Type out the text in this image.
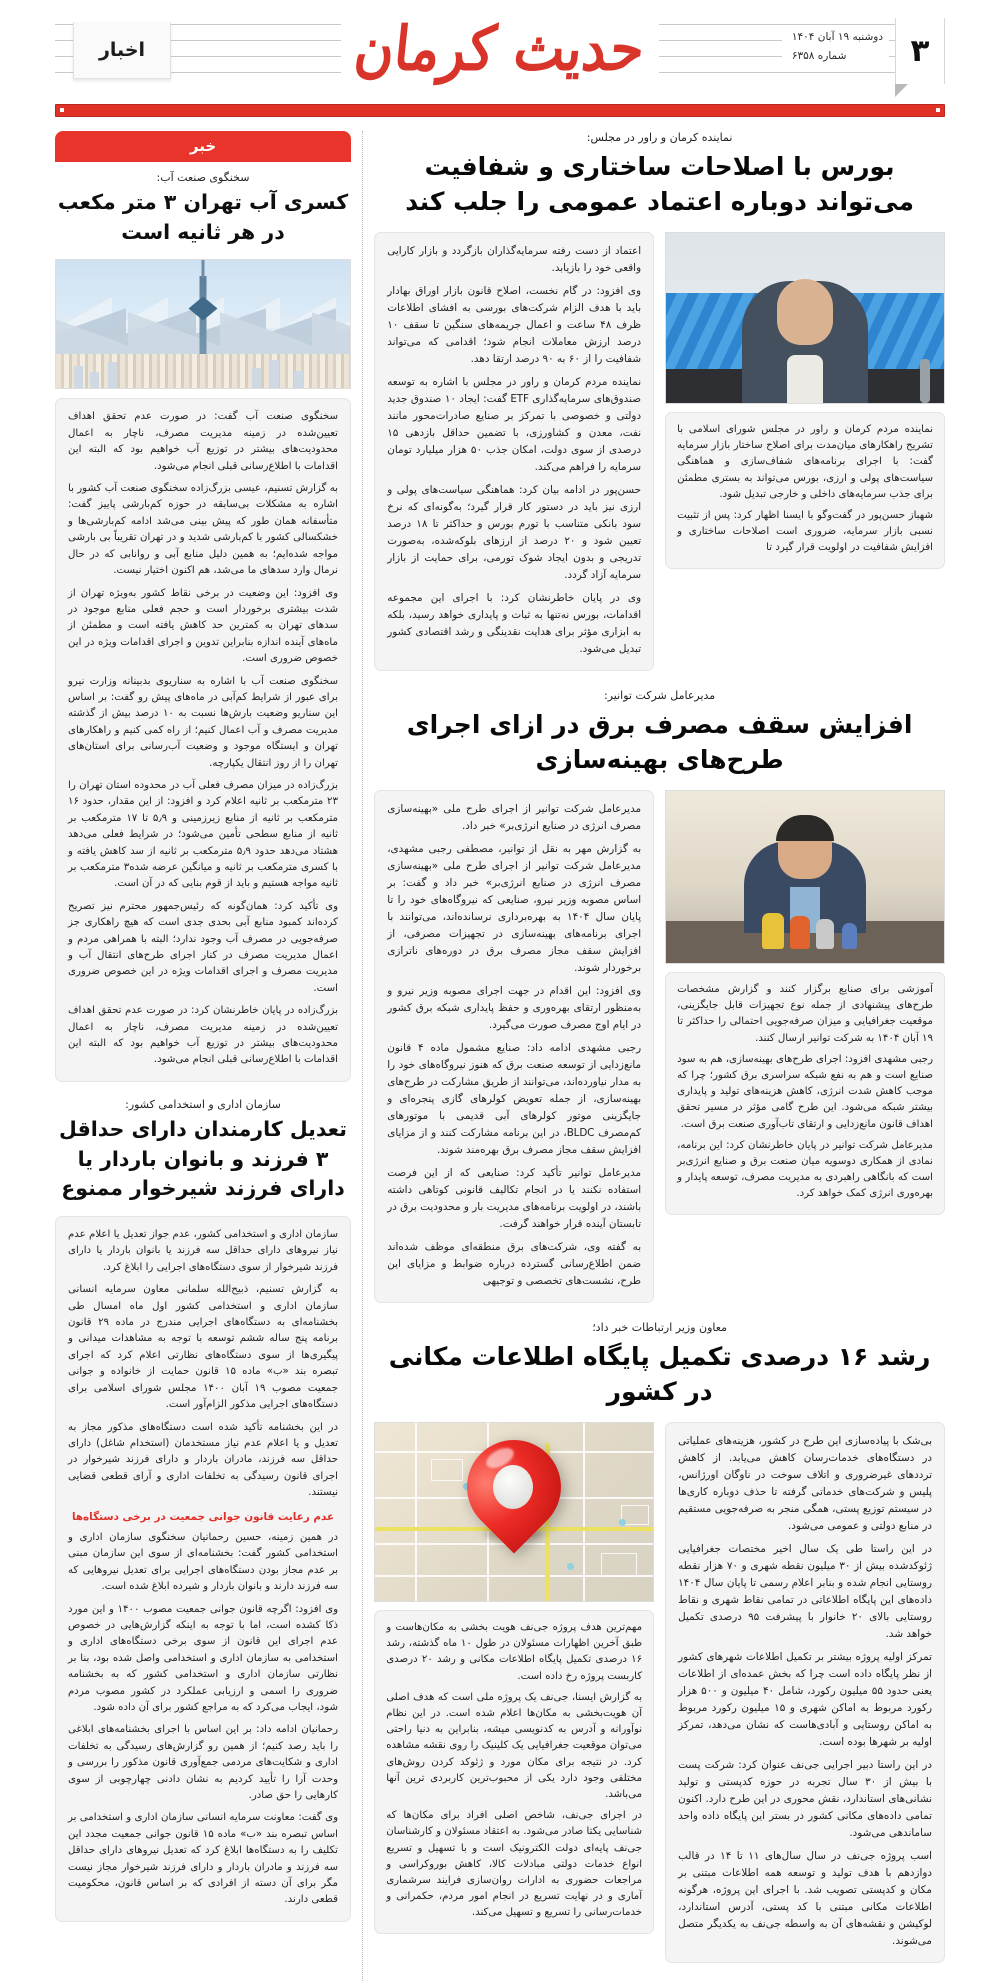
۳
دوشنبه ۱۹ آبان ۱۴۰۴
شماره ۶۳۵۸
حدیث کرمان
اخبار
نماینده کرمان و راور در مجلس:
بورس با اصلاحات ساختاری و شفافیت می‌تواند دوباره اعتماد عمومی را جلب کند

نماینده مردم کرمان و راور در مجلس شورای اسلامی با تشریح راهکارهای میان‌مدت برای اصلاح ساختار بازار سرمایه گفت: با اجرای برنامه‌های شفاف‌سازی و هماهنگی سیاست‌های پولی و ارزی، بورس می‌تواند به بستری مطمئن برای جذب سرمایه‌های داخلی و خارجی تبدیل شود.

شهباز حسن‌پور در گفت‌وگو با ایسنا اظهار کرد: پس از تثبیت نسبی بازار سرمایه، ضروری است اصلاحات ساختاری و افزایش شفافیت در اولویت قرار گیرد تا

اعتماد از دست رفته سرمایه‌گذاران بازگردد و بازار کارایی واقعی خود را بازیابد.

وی افزود: در گام نخست، اصلاح قانون بازار اوراق بهادار باید با هدف الزام شرکت‌های بورسی به افشای اطلاعات ظرف ۴۸ ساعت و اعمال جریمه‌های سنگین تا سقف ۱۰ درصد ارزش معاملات انجام شود؛ اقدامی که می‌تواند شفافیت را از ۶۰ به ۹۰ درصد ارتقا دهد.

نماینده مردم کرمان و راور در مجلس با اشاره به توسعه صندوق‌های سرمایه‌گذاری ETF گفت: ایجاد ۱۰ صندوق جدید دولتی و خصوصی با تمرکز بر صنایع صادرات‌محور مانند نفت، معدن و کشاورزی، با تضمین حداقل بازدهی ۱۵ درصدی از سوی دولت، امکان جذب ۵۰ هزار میلیارد تومان سرمایه را فراهم می‌کند.

حسن‌پور در ادامه بیان کرد: هماهنگی سیاست‌های پولی و ارزی نیز باید در دستور کار قرار گیرد؛ به‌گونه‌ای که نرخ سود بانکی متناسب با تورم بورس و حداکثر تا ۱۸ درصد تعیین شود و ۲۰ درصد از ارزهای بلوکه‌شده، به‌صورت تدریجی و بدون ایجاد شوک تورمی، برای حمایت از بازار سرمایه آزاد گردد.

وی در پایان خاطرنشان کرد: با اجرای این مجموعه اقدامات، بورس نه‌تنها به ثبات و پایداری خواهد رسید، بلکه به ابزاری مؤثر برای هدایت نقدینگی و رشد اقتصادی کشور تبدیل می‌شود.

مدیرعامل شرکت توانیر:
افزایش سقف مصرف برق در ازای اجرای طرح‌های بهینه‌سازی

آموزشی برای صنایع برگزار کنند و گزارش مشخصات طرح‌های پیشنهادی از جمله نوع تجهیزات قابل جایگزینی، موقعیت جغرافیایی و میزان صرفه‌جویی احتمالی را حداکثر تا ۱۹ آبان ۱۴۰۴ به شرکت توانیر ارسال کنند.

رجبی مشهدی افزود: اجرای طرح‌های بهینه‌سازی، هم به سود صنایع است و هم به نفع شبکه سراسری برق کشور؛ چرا که موجب کاهش شدت انرژی، کاهش هزینه‌های تولید و پایداری بیشتر شبکه می‌شود. این طرح گامی مؤثر در مسیر تحقق اهداف قانون مانع‌زدایی و ارتقای تاب‌آوری صنعت برق است.

مدیرعامل شرکت توانیر در پایان خاطرنشان کرد: این برنامه، نمادی از همکاری دوسویه میان صنعت برق و صنایع انرژی‌بر است که بانگاهی راهبردی به مدیریت مصرف، توسعه پایدار و بهره‌وری انرژی کمک خواهد کرد.

مدیرعامل شرکت توانیر از اجرای طرح ملی «بهینه‌سازی مصرف انرژی در صنایع انرژی‌بر» خبر داد.

به گزارش مهر به نقل از توانیر، مصطفی رجبی مشهدی، مدیرعامل شرکت توانیر از اجرای طرح ملی «بهینه‌سازی مصرف انرژی در صنایع انرژی‌بر» خبر داد و گفت: بر اساس مصوبه وزیر نیرو، صنایعی که نیروگاه‌های خود را تا پایان سال ۱۴۰۴ به بهره‌برداری نرسانده‌اند، می‌توانند با اجرای برنامه‌های بهینه‌سازی در تجهیزات مصرفی، از افزایش سقف مجاز مصرف برق در دوره‌های ناترازی برخوردار شوند.

وی افزود: این اقدام در جهت اجرای مصوبه وزیر نیرو و به‌منظور ارتقای بهره‌وری و حفظ پایداری شبکه برق کشور در ایام اوج مصرف صورت می‌گیرد.

رجبی مشهدی ادامه داد: صنایع مشمول ماده ۴ قانون مانع‌زدایی از توسعه صنعت برق که هنوز نیروگاه‌های خود را به مدار نیاورده‌اند، می‌توانند از طریق مشارکت در طرح‌های بهینه‌سازی، از جمله تعویض کولرهای گازی پنجره‌ای و جایگزینی موتور کولرهای آبی قدیمی با موتورهای کم‌مصرف BLDC، در این برنامه مشارکت کنند و از مزایای افزایش سقف مجاز مصرف برق بهره‌مند شوند.

مدیرعامل توانیر تأکید کرد: صنایعی که از این فرصت استفاده نکنند یا در انجام تکالیف قانونی کوتاهی داشته باشند، در اولویت برنامه‌های مدیریت بار و محدودیت برق در تابستان آینده قرار خواهند گرفت.

به گفته وی، شرکت‌های برق منطقه‌ای موظف شده‌اند ضمن اطلاع‌رسانی گسترده درباره ضوابط و مزایای این طرح، نشست‌های تخصصی و توجیهی

معاون وزیر ارتباطات خبر داد؛
رشد ۱۶ درصدی تکمیل پایگاه اطلاعات مکانی در کشور

بی‌شک با پیاده‌سازی این طرح در کشور، هزینه‌های عملیاتی در دستگاه‌های خدمات‌رسان کاهش می‌یابد. از کاهش ترددهای غیرضروری و اتلاف سوخت در ناوگان اورژانس، پلیس و شرکت‌های خدماتی گرفته تا حذف دوباره کاری‌ها در سیستم توزیع پستی، همگی منجر به صرفه‌جویی مستقیم در منابع دولتی و عمومی می‌شود.

در این راستا طی یک سال اخیر مختصات جغرافیایی ژئوکدشده بیش از ۳۰ میلیون نقطه شهری و ۷۰ هزار نقطه روستایی انجام شده و بنابر اعلام رسمی تا پایان سال ۱۴۰۴ داده‌های این پایگاه اطلاعاتی در تمامی نقاط شهری و نقاط روستایی بالای ۲۰ خانوار با پیشرفت ۹۵ درصدی تکمیل خواهد شد.

تمرکز اولیه پروژه بیشتر بر تکمیل اطلاعات شهرهای کشور از نظر پایگاه داده است چرا که بخش عمده‌ای از اطلاعات یعنی حدود ۵۵ میلیون رکورد، شامل ۴۰ میلیون و ۵۰۰ هزار رکورد مربوط به اماکن شهری و ۱۵ میلیون رکورد مربوط به اماکن روستایی و آبادی‌هاست که نشان می‌دهد، تمرکز اولیه بر شهرها بوده است.

در این راستا دبیر اجرایی جی‌نف عنوان کرد: شرکت پست با بیش از ۳۰ سال تجربه در حوزه کدپستی و تولید نشانی‌های استاندارد، نقش محوری در این طرح دارد. اکنون تمامی داده‌های مکانی کشور در بستر این پایگاه داده واحد ساماندهی می‌شود.

اسب پروژه جی‌نف در سال‌ سال‌های ۱۱ تا ۱۴ در قالب دوازدهم با هدف تولید و توسعه همه اطلاعات مبتنی بر مکان و کدپستی تصویب شد. با اجرای این پروژه، هرگونه اطلاعات مکانی مبتنی با کد پستی، آدرس استاندارد، لوکیشن و نقشه‌های آن به واسطه جی‌نف به یکدیگر متصل می‌شوند.

مهم‌ترین هدف پروژه جی‌نف هویت بخشی به مکان‌هاست و طبق آخرین اظهارات مسئولان در طول ۱۰ ماه گذشته، رشد ۱۶ درصدی تکمیل پایگاه اطلاعات مکانی و رشد ۲۰ درصدی کاربست پروژه رخ داده است.

به گزارش ایسنا، جی‌نف یک پروژه ملی است که هدف اصلی آن هویت‌بخشی به مکان‌ها اعلام شده است. در این نظام نوآورانه و آدرس به کدنویسی میشه، بنابراین به دنیا راحتی می‌توان موقعیت جغرافیایی یک کلینیک را روی نقشه مشاهده کرد. در نتیجه برای مکان مورد و ژئوکد کردن روش‌های مختلفی وجود دارد یکی از محبوب‌ترین کاربردی ترین آنها می‌باشد.

در اجرای جی‌نف، شاخص اصلی افراد برای مکان‌ها که شناسایی یکتا صادر می‌شود. به اعتقاد مسئولان و کارشناسان جی‌نف پایه‌ای دولت الکترونیک است و با تسهیل و تسریع انواع خدمات دولتی مبادلات کالا، کاهش بوروکراسی و مراجعات حضوری به ادارات روان‌سازی فرایند سرشماری آماری و در نهایت تسریع در انجام امور مردم، حکمرانی و خدمات‌رسانی را تسریع و تسهیل می‌کند.

خبر
سخنگوی صنعت آب:
کسری آب تهران ۳ متر مکعب در هر ثانیه است

سخنگوی صنعت آب گفت: در صورت عدم تحقق اهداف تعیین‌شده در زمینه مدیریت مصرف، ناچار به اعمال محدودیت‌های بیشتر در توزیع آب خواهیم بود که البته این اقدامات با اطلاع‌رسانی قبلی انجام می‌شود.

به گزارش تسنیم، عیسی بزرگ‌زاده سخنگوی صنعت آب کشور با اشاره به مشکلات بی‌سابقه در حوزه کم‌بارشی پاییز گفت: متأسفانه همان طور که پیش بینی می‌شد ادامه کم‌بارشی‌ها و خشکسالی کشور با کم‌بارشی شدید و در تهران تقریباً بی بارشی مواجه شده‌ایم؛ به همین دلیل منابع آبی و روانابی که در حال نرمال وارد سدهای ما می‌شد، هم اکنون اختیار نیست.

وی افزود: این وضعیت در برخی نقاط کشور به‌ویژه تهران از شدت بیشتری برخوردار است و حجم فعلی منابع موجود در سدهای تهران به کمترین حد کاهش یافته است و مطمئن از ماه‌های آینده اندازه بنابراین تدوین و اجرای اقدامات ویژه در این خصوص ضروری است.

سخنگوی صنعت آب با اشاره به سناریوی بدبینانه وزارت نیرو برای عبور از شرایط کم‌آبی در ماه‌های پیش رو گفت: بر اساس این سناریو وضعیت بارش‌ها نسبت به ۱۰ درصد بیش از گذشته مدیریت مصرف و آب اعمال کنیم؛ از راه کمی کنیم و راهکارهای تهران و ایستگاه موجود و وضعیت آب‌رسانی برای استان‌های تهران را از روز انتقال یکپارچه.

بزرگ‌زاده در میزان مصرف فعلی آب در محدوده استان تهران را ۲۳ مترمکعب بر ثانیه اعلام کرد و افزود: از این مقدار، حدود ۱۶ مترمکعب بر ثانیه از منابع زیرزمینی و ۵٫۹ تا ۱۷ مترمکعب بر ثانیه از منابع سطحی تأمین می‌شود؛ در شرایط فعلی می‌دهد هشتاد می‌دهد حدود ۵٫۹ مترمکعب بر ثانیه از سد کاهش یافته و با کسری مترمکعب بر ثانیه و میانگین عرضه شده۳ مترمکعب بر ثانیه مواجه هستیم و باید از قوم بنایی که در آن است.

وی تأکید کرد: همان‌گونه که رئیس‌جمهور محترم نیز تصریح کرده‌اند کمبود منابع آبی بحدی جدی است که هیچ راهکاری جز صرفه‌جویی در مصرف آب وجود ندارد؛ البته با همراهی مردم و اعمال مدیریت مصرف در کنار اجرای طرح‌های انتقال آب و مدیریت مصرف و اجرای اقدامات ویژه در این خصوص ضروری است.

بزرگ‌زاده در پایان خاطرنشان کرد: در صورت عدم تحقق اهداف تعیین‌شده در زمینه مدیریت مصرف، ناچار به اعمال محدودیت‌های بیشتر در توزیع آب خواهیم بود که البته این اقدامات با اطلاع‌رسانی قبلی انجام می‌شود.

سازمان اداری و استخدامی کشور:
تعدیل کارمندان دارای حداقل ۳ فرزند و بانوان باردار یا دارای فرزند شیرخوار ممنوع

سازمان اداری و استخدامی کشور، عدم جواز تعدیل یا اعلام عدم نیاز نیروهای دارای حداقل سه فرزند یا بانوان باردار یا دارای فرزند شیرخوار از سوی دستگاه‌های اجرایی را ابلاغ کرد.

به گزارش تسنیم، ذبیح‌الله سلمانی معاون سرمایه انسانی سازمان اداری و استخدامی کشور اول ماه امسال طی بخشنامه‌ای به دستگاه‌های اجرایی مندرج در ماده ۲۹ قانون برنامه پنج ساله ششم توسعه با توجه به مشاهدات میدانی و پیگیری‌ها از سوی دستگاه‌های نظارتی اعلام کرد که اجرای تبصره بند «ب» ماده ۱۵ قانون حمایت از خانواده و جوانی جمعیت مصوب ۱۹ آبان ۱۴۰۰ مجلس شورای اسلامی برای دستگاه‌های اجرایی مذکور الزام‌آور است.

در این بخشنامه تأکید شده است دستگاه‌های مذکور مجاز به تعدیل و یا اعلام عدم نیاز مستخدمان (استخدام شاغل) دارای حداقل سه فرزند، مادران باردار و دارای فرزند شیرخوار در اجرای قانون رسیدگی به تخلفات اداری و آرای قطعی قضایی نیستند.

عدم رعایت قانون جوانی جمعیت در برخی دستگاه‌ها

در همین زمینه، حسین رحمانیان سخنگوی سازمان اداری و استخدامی کشور گفت: بخشنامه‌ای از سوی این سازمان مبنی بر عدم مجاز بودن دستگاه‌های اجرایی برای تعدیل نیروهایی که سه فرزند دارند و بانوان باردار و شیرده ابلاغ شده است.

وی افزود: اگرچه قانون جوانی جمعیت مصوب ۱۴۰۰ و این مورد ذکا کشده است، اما با توجه به اینکه گزارش‌هایی در خصوص عدم اجرای این قانون از سوی برخی دستگاه‌های اداری و استخدامی به سازمان اداری و استخدامی واصل شده بود، بنا بر نظارتی سازمان اداری و استخدامی کشور که به بخشنامه ضروری را اسمی و ارزیابی عملکرد در کشور مصوب مردم شود، ایجاب می‌کرد که به مراجع کشور برای آن داده شود.

رحمانیان ادامه داد: بر این اساس با اجرای بخشنامه‌های ابلاغی را باید رصد کنیم؛ از همین رو گزارش‌های رسیدگی به تخلفات اداری و شکایت‌های مردمی جمع‌آوری قانون مذکور را بررسی و وحدت آرا را تأیید کردیم به نشان دادنی چهارچوبی از سوی کارهایی را حق صادر.

وی گفت: معاونت سرمایه انسانی سازمان اداری و استخدامی بر اساس تبصره بند «ب» ماده ۱۵ قانون جوانی جمعیت مجدد این تکلیف را به دستگاه‌ها ابلاغ کرد که تعدیل نیروهای دارای حداقل سه فرزند و مادران باردار و دارای فرزند شیرخوار مجاز نیست مگر برای آن دسته از افرادی که بر اساس قانون، محکومیت قطعی دارند.
